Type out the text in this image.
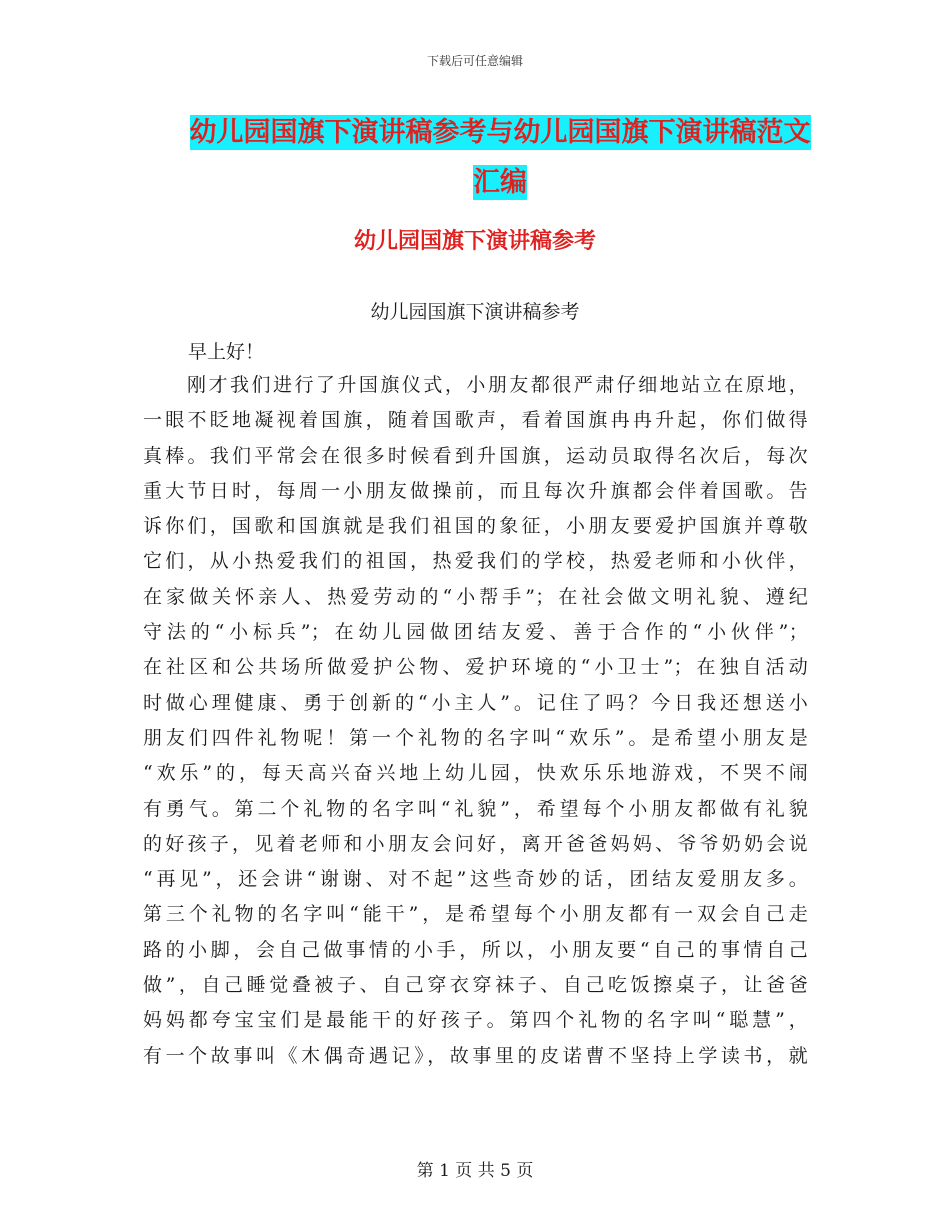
下载后可任意编辑
幼儿园国旗下演讲稿参考与幼儿园国旗下演讲稿范文
汇编
幼儿园国旗下演讲稿参考
幼儿园国旗下演讲稿参考
早上好！
刚才我们进行了升国旗仪式，小朋友都很严肃仔细地站立在原地，
一眼不眨地凝视着国旗，随着国歌声，看着国旗冉冉升起，你们做得
真棒。我们平常会在很多时候看到升国旗，运动员取得名次后，每次
重大节日时，每周一小朋友做操前，而且每次升旗都会伴着国歌。告
诉你们，国歌和国旗就是我们祖国的象征，小朋友要爱护国旗并尊敬
它们，从小热爱我们的祖国，热爱我们的学校，热爱老师和小伙伴，
在家做关怀亲人、热爱劳动的“小帮手”；在社会做文明礼貌、遵纪
守法的“小标兵”；在幼儿园做团结友爱、善于合作的“小伙伴”；
在社区和公共场所做爱护公物、爱护环境的“小卫士”；在独自活动
时做心理健康、勇于创新的“小主人”。记住了吗？今日我还想送小
朋友们四件礼物呢！第一个礼物的名字叫“欢乐”。是希望小朋友是
“欢乐”的，每天高兴奋兴地上幼儿园，快欢乐乐地游戏，不哭不闹
有勇气。第二个礼物的名字叫“礼貌”，希望每个小朋友都做有礼貌
的好孩子，见着老师和小朋友会问好，离开爸爸妈妈、爷爷奶奶会说
“再见”，还会讲“谢谢、对不起”这些奇妙的话，团结友爱朋友多。
第三个礼物的名字叫“能干”，是希望每个小朋友都有一双会自己走
路的小脚，会自己做事情的小手，所以，小朋友要“自己的事情自己
做”，自己睡觉叠被子、自己穿衣穿袜子、自己吃饭擦桌子，让爸爸
妈妈都夸宝宝们是最能干的好孩子。第四个礼物的名字叫“聪慧”，
有一个故事叫《木偶奇遇记》，故事里的皮诺曹不坚持上学读书，就
第 1 页 共 5 页
